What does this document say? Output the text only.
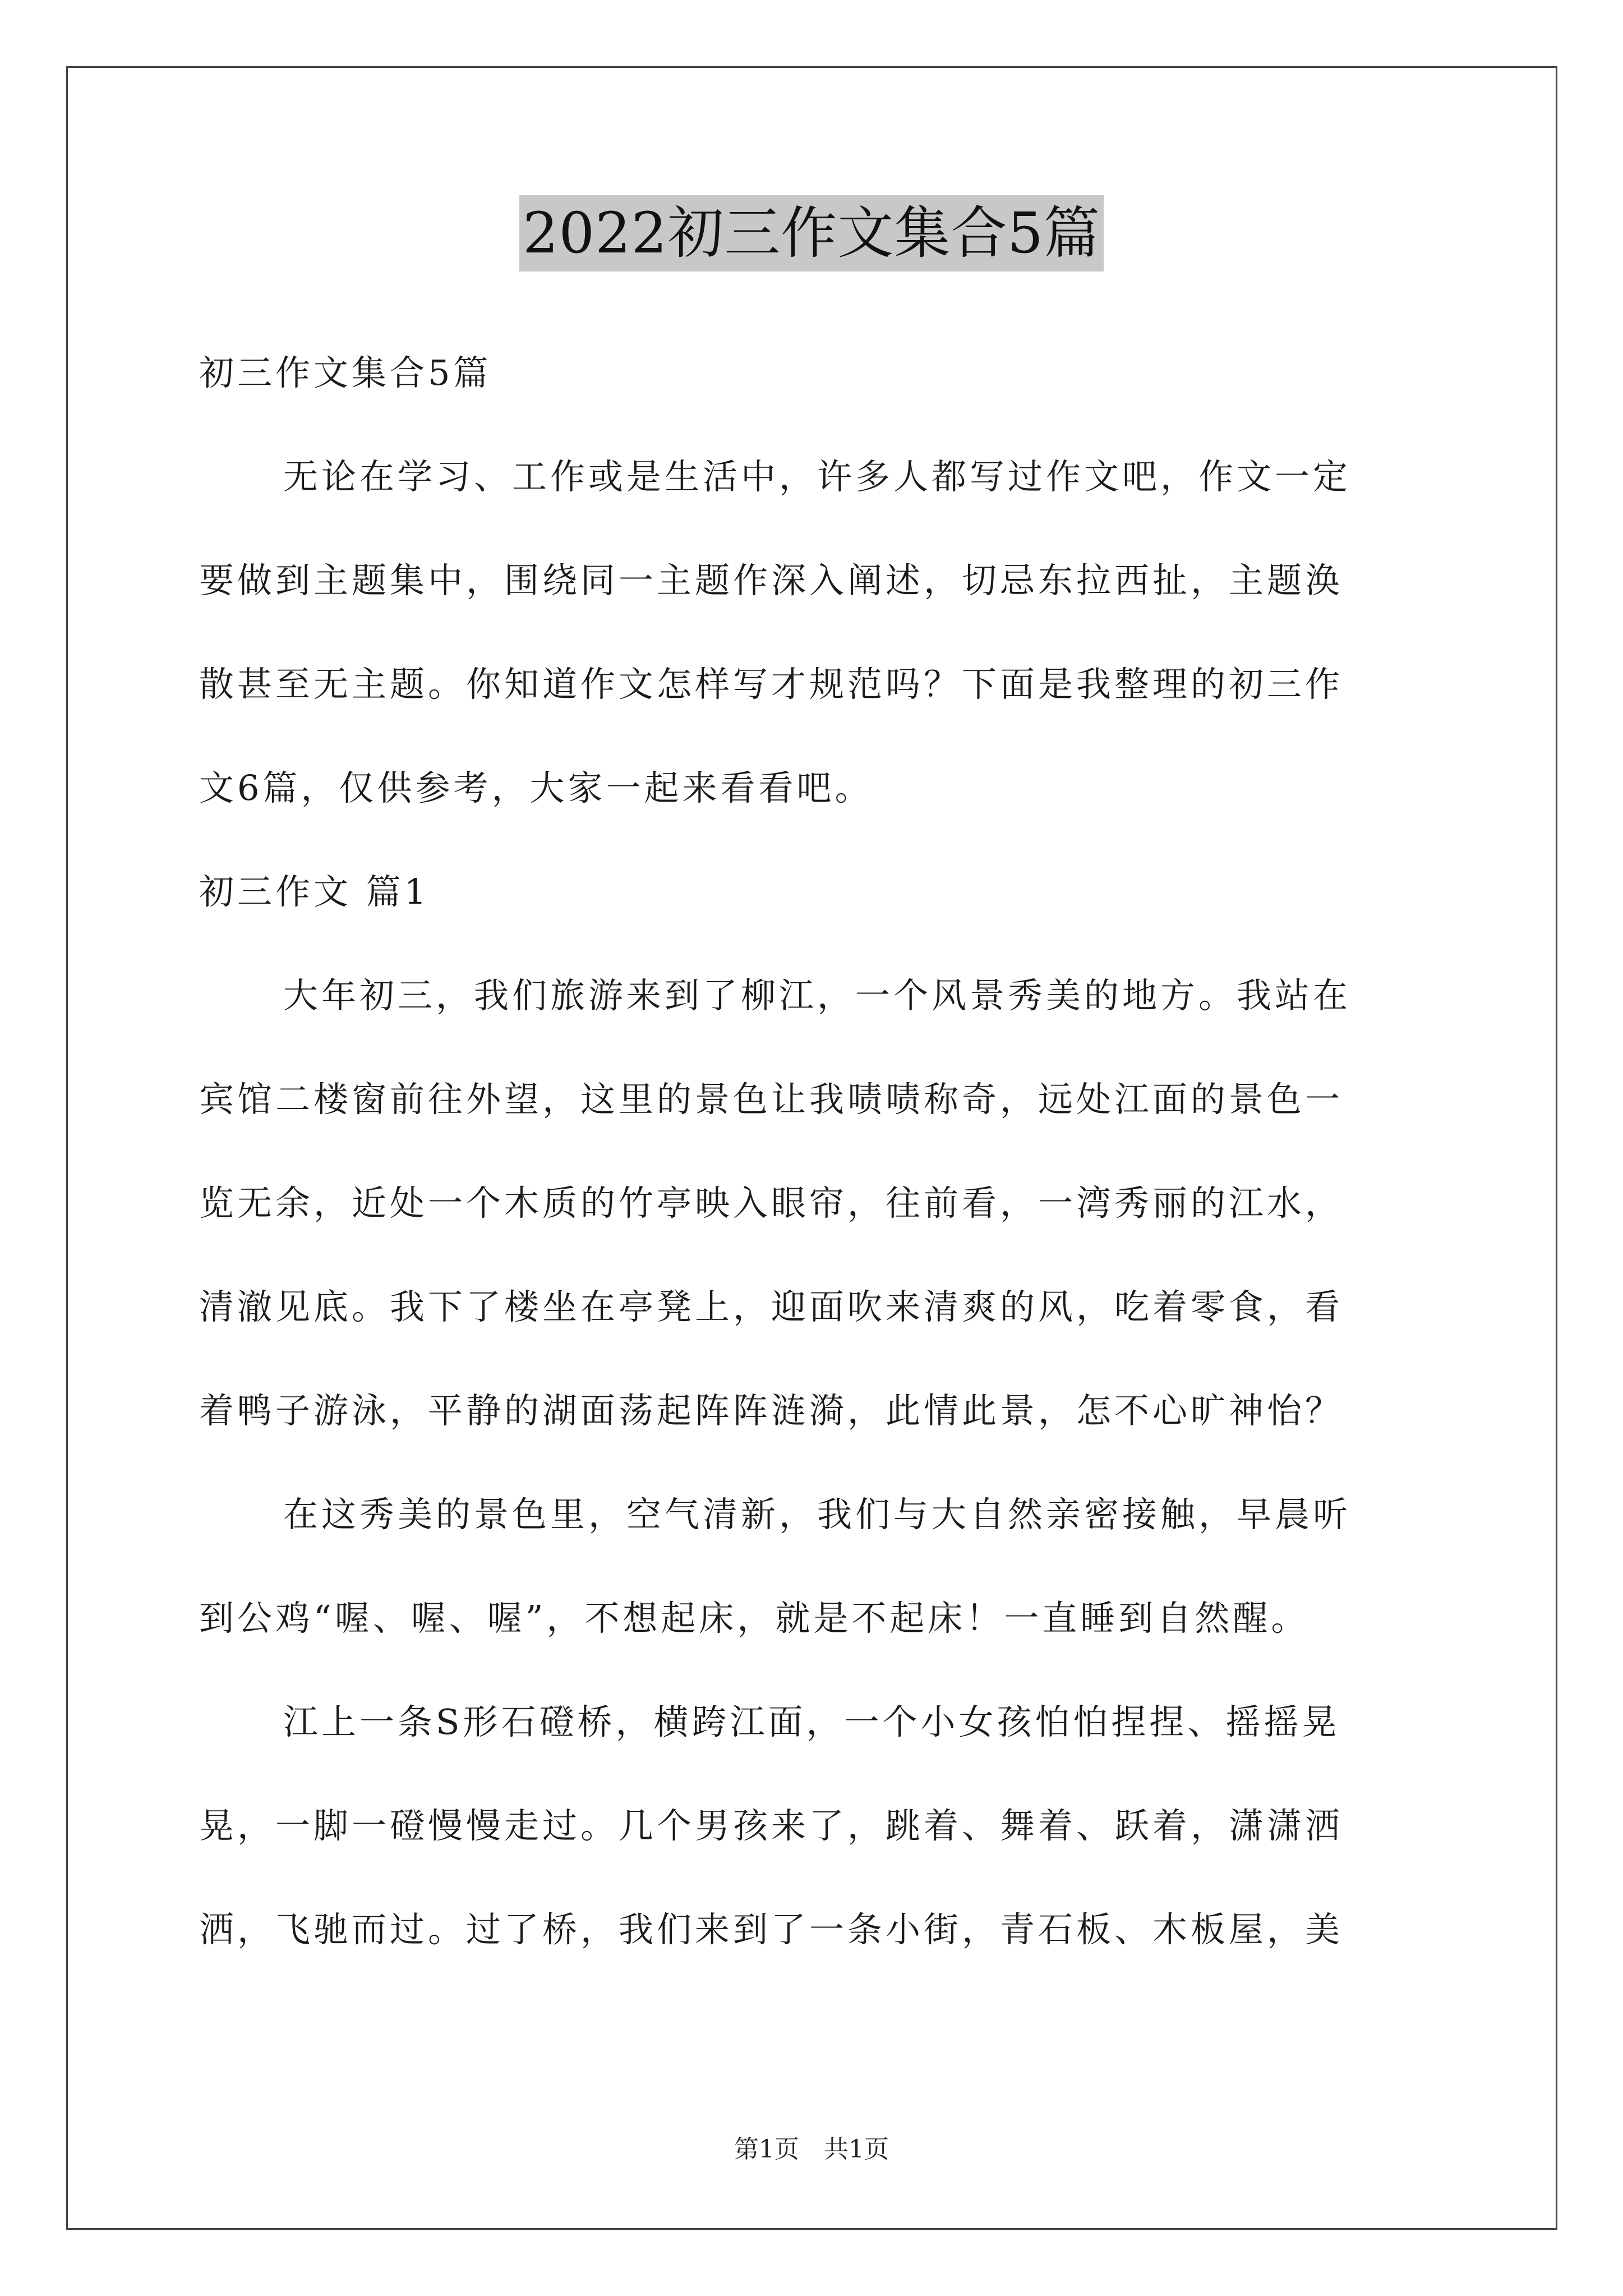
2022初三作文集合5篇
初三作文集合5篇
无论在学习、工作或是生活中，许多人都写过作文吧，作文一定
要做到主题集中，围绕同一主题作深入阐述，切忌东拉西扯，主题涣
散甚至无主题。你知道作文怎样写才规范吗？下面是我整理的初三作
文6篇，仅供参考，大家一起来看看吧。
初三作文 篇1
大年初三，我们旅游来到了柳江，一个风景秀美的地方。我站在
宾馆二楼窗前往外望，这里的景色让我啧啧称奇，远处江面的景色一
览无余，近处一个木质的竹亭映入眼帘，往前看，一湾秀丽的江水，
清澈见底。我下了楼坐在亭凳上，迎面吹来清爽的风，吃着零食，看
着鸭子游泳，平静的湖面荡起阵阵涟漪，此情此景，怎不心旷神怡？
在这秀美的景色里，空气清新，我们与大自然亲密接触，早晨听
到公鸡“喔、喔、喔”，不想起床，就是不起床！一直睡到自然醒。
江上一条S形石磴桥，横跨江面，一个小女孩怕怕捏捏、摇摇晃
晃，一脚一磴慢慢走过。几个男孩来了，跳着、舞着、跃着，潇潇洒
洒，飞驰而过。过了桥，我们来到了一条小街，青石板、木板屋，美
第1页 共1页
